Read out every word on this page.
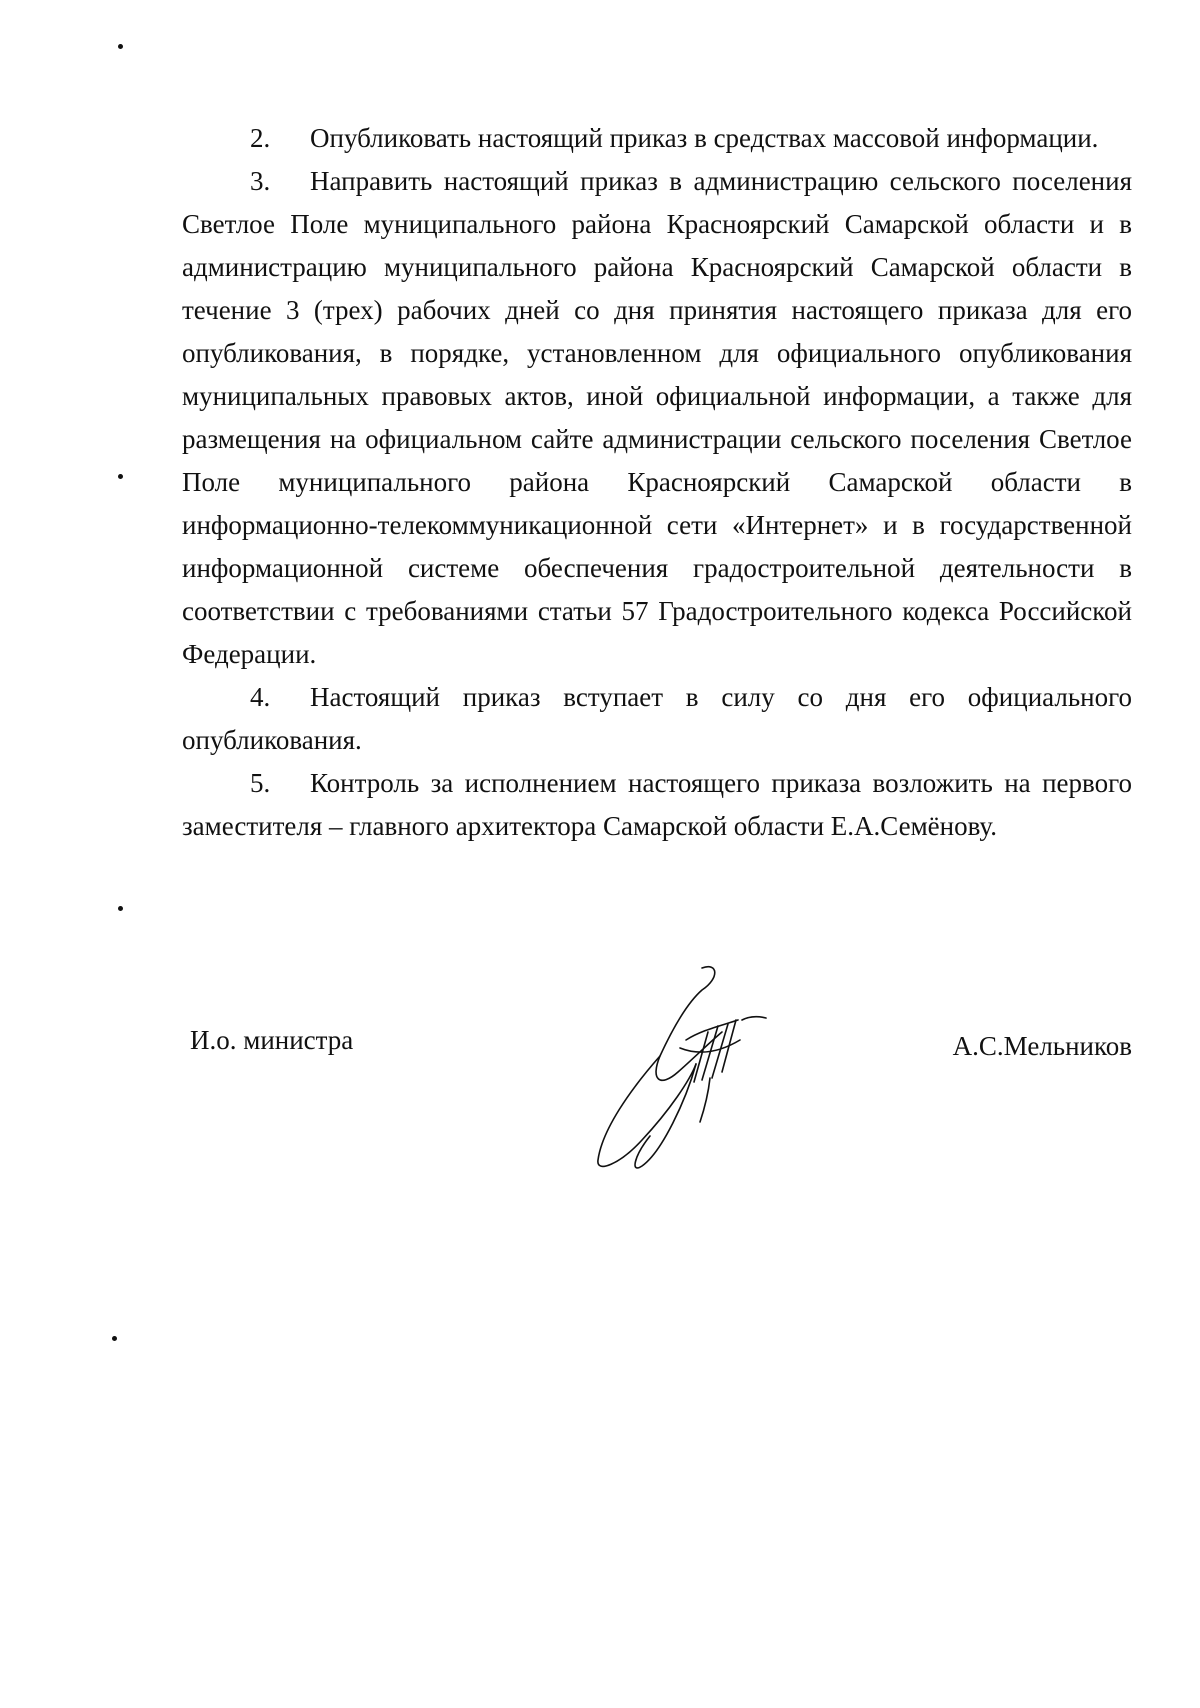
2. Опубликовать настоящий приказ в средствах массовой информации.

3. Направить настоящий приказ в администрацию сельского поселения Светлое Поле муниципального района Красноярский Самарской области и в администрацию муниципального района Красноярский Самарской области в течение 3 (трех) рабочих дней со дня принятия настоящего приказа для его опубликования, в порядке, установленном для официального опубликования муниципальных правовых актов, иной официальной информации, а также для размещения на официальном сайте администрации сельского поселения Светлое Поле муниципального района Красноярский Самарской области в информационно-телекоммуникационной сети «Интернет» и в государственной информационной системе обеспечения градостроительной деятельности в соответствии с требованиями статьи 57 Градостроительного кодекса Российской Федерации.

4. Настоящий приказ вступает в силу со дня его официального опубликования.

5. Контроль за исполнением настоящего приказа возложить на первого заместителя – главного архитектора Самарской области Е.А.Семёнову.

И.о. министра	А.С.Мельников
